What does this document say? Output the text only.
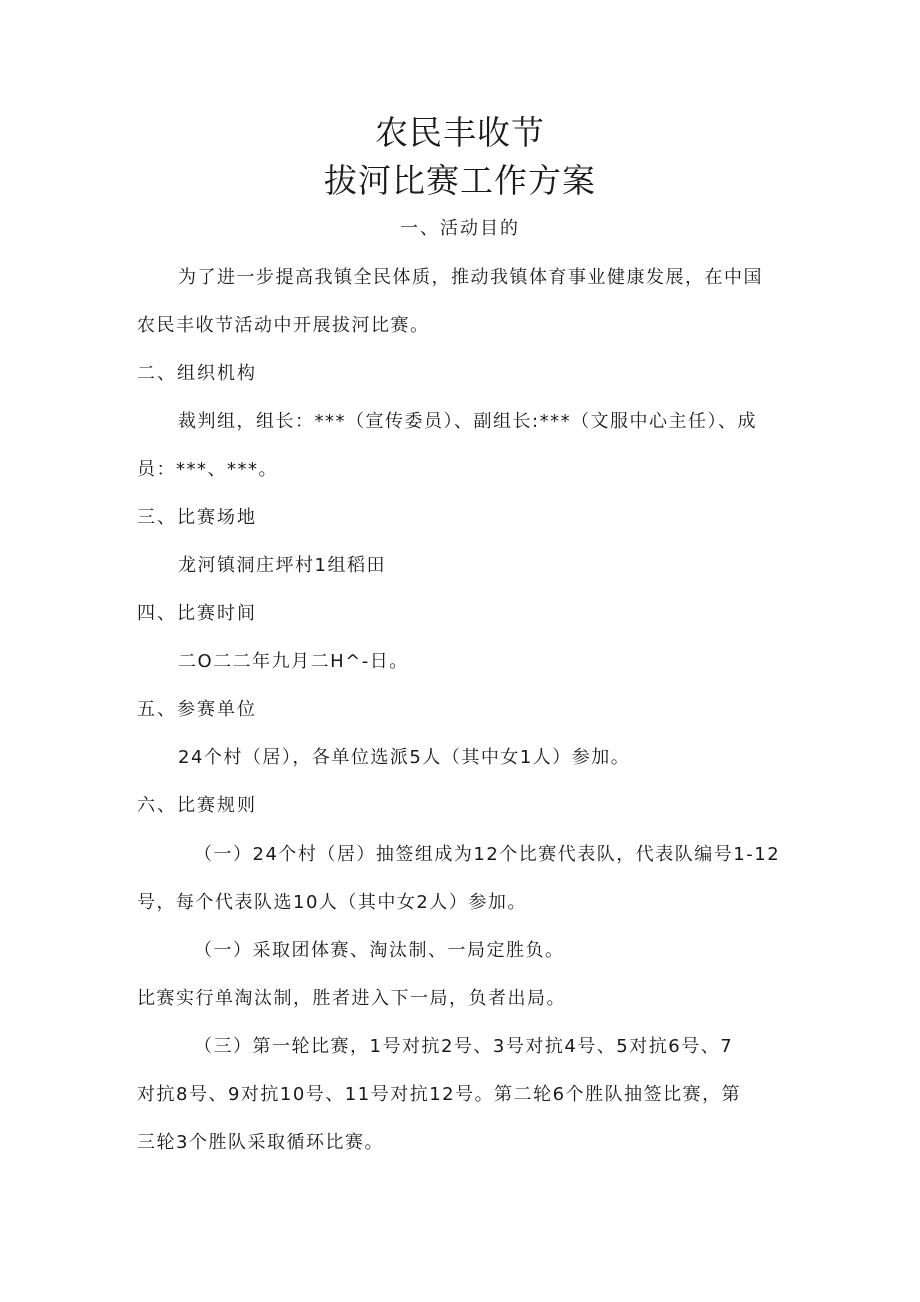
农民丰收节
拔河比赛工作方案
一、活动目的

为了进一步提高我镇全民体质，推动我镇体育事业健康发展，在中国

农民丰收节活动中开展拔河比赛。

二、组织机构

裁判组，组长：***（宣传委员）、副组长:***（文服中心主任）、成

员：***、***。

三、比赛场地

龙河镇洞庄坪村1组稻田

四、比赛时间

二O二二年九月二H^-日。

五、参赛单位

24个村（居），各单位选派5人（其中女1人）参加。

六、比赛规则

（一）24个村（居）抽签组成为12个比赛代表队，代表队编号1-12

号，每个代表队选10人（其中女2人）参加。

（一）采取团体赛、淘汰制、一局定胜负。

比赛实行单淘汰制，胜者进入下一局，负者出局。

（三）第一轮比赛，1号对抗2号、3号对抗4号、5对抗6号、7

对抗8号、9对抗10号、11号对抗12号。第二轮6个胜队抽签比赛，第

三轮3个胜队采取循环比赛。
